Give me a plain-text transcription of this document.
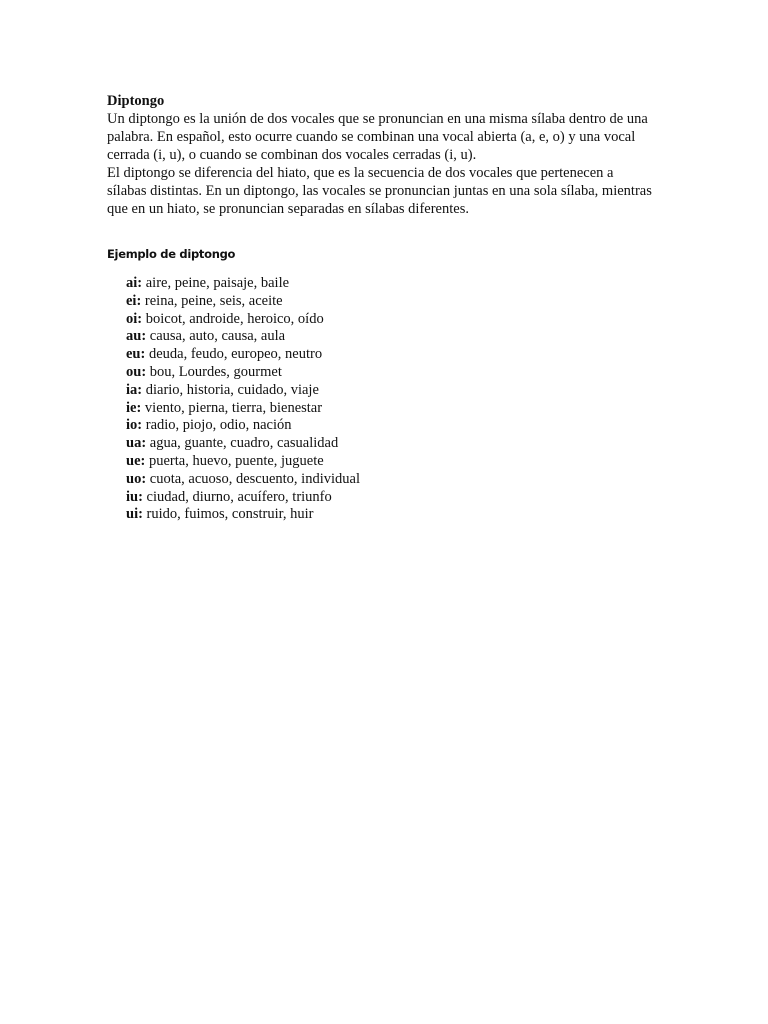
Diptongo

Un diptongo es la unión de dos vocales que se pronuncian en una misma sílaba dentro de una palabra. En español, esto ocurre cuando se combinan una vocal abierta (a, e, o) y una vocal cerrada (i, u), o cuando se combinan dos vocales cerradas (i, u).

El diptongo se diferencia del hiato, que es la secuencia de dos vocales que pertenecen a sílabas distintas. En un diptongo, las vocales se pronuncian juntas en una sola sílaba, mientras que en un hiato, se pronuncian separadas en sílabas diferentes.

Ejemplo de diptongo
ai: aire, peine, paisaje, baile
ei: reina, peine, seis, aceite
oi: boicot, androide, heroico, oído
au: causa, auto, causa, aula
eu: deuda, feudo, europeo, neutro
ou: bou, Lourdes, gourmet
ia: diario, historia, cuidado, viaje
ie: viento, pierna, tierra, bienestar
io: radio, piojo, odio, nación
ua: agua, guante, cuadro, casualidad
ue: puerta, huevo, puente, juguete
uo: cuota, acuoso, descuento, individual
iu: ciudad, diurno, acuífero, triunfo
ui: ruido, fuimos, construir, huir
